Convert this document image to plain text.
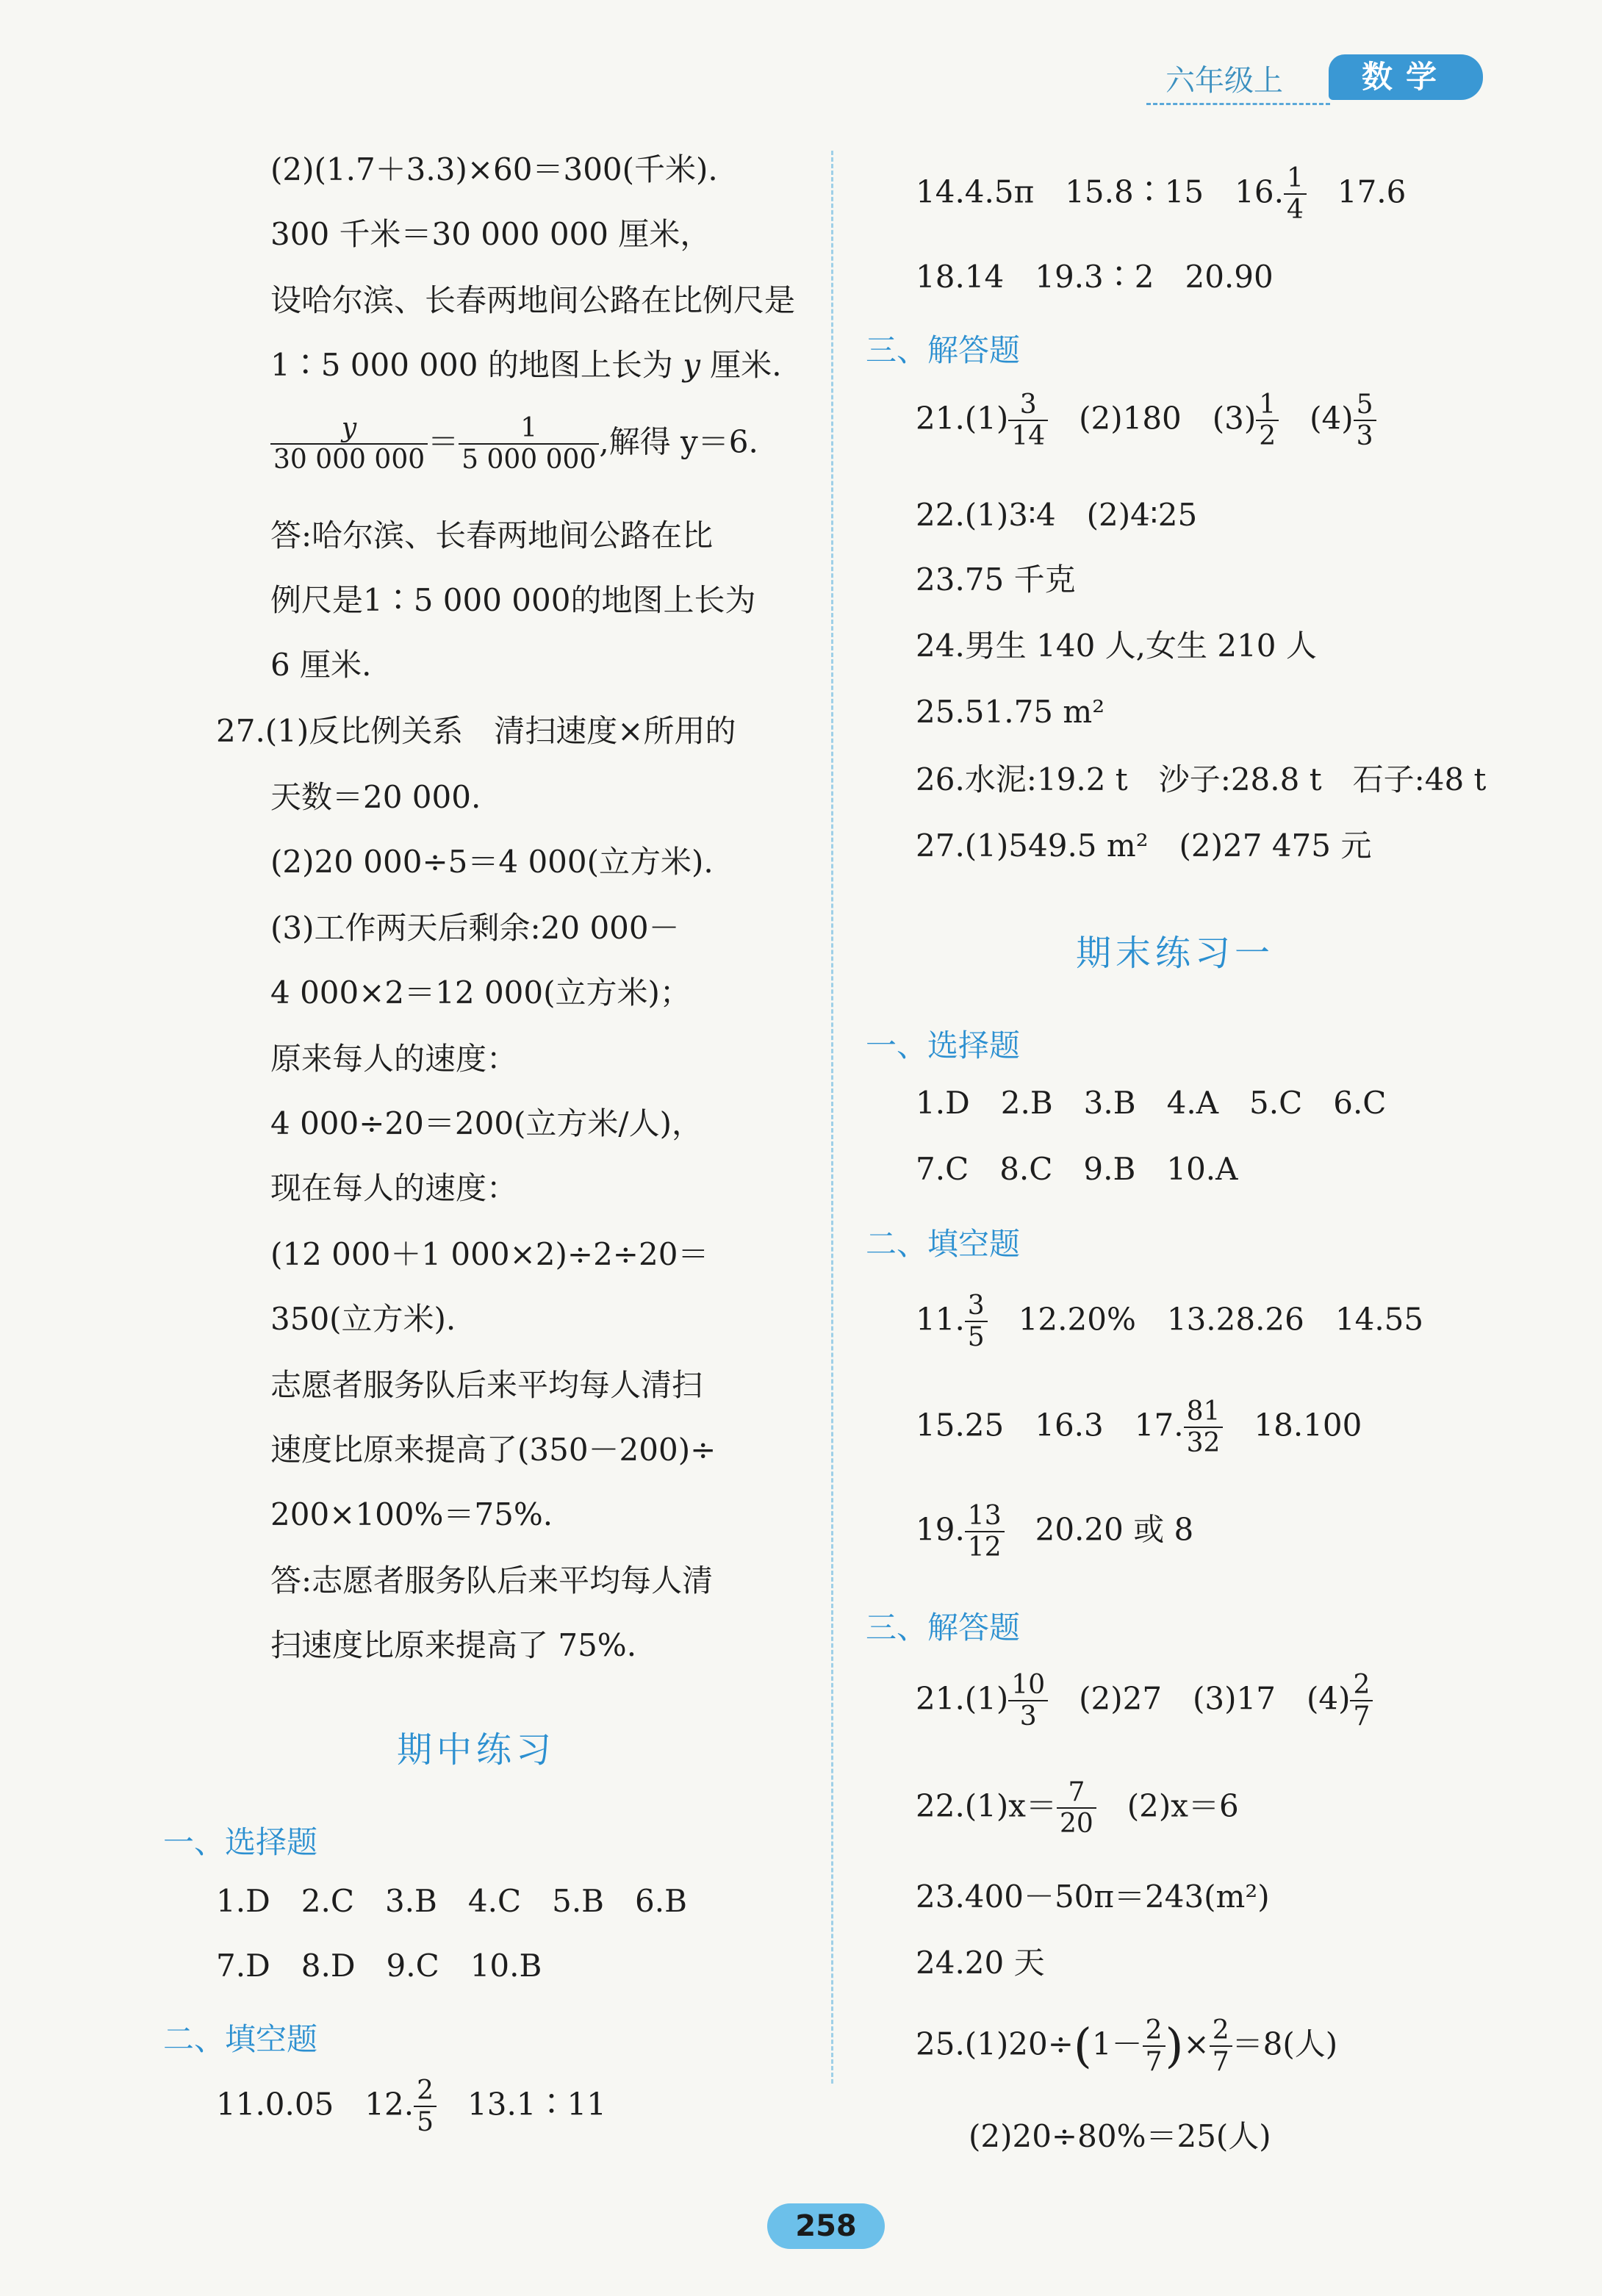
六年级上	数学
(2)(1.7＋3.3)×60＝300(千米).
300 千米＝30 000 000 厘米，
设哈尔滨、长春两地间公路在比例尺是
1∶5 000 000 的地图上长为 y 厘米.
$\frac{y}{30 000 000} = \frac{1}{5 000 000}$ ,解得 y＝6.
答:哈尔滨、长春两地间公路在比
例尺是1∶5 000 000的地图上长为
6 厘米.
27.(1)反比例关系　清扫速度×所用的
天数＝20 000.
(2)20 000÷5＝4 000(立方米).
(3)工作两天后剩余:20 000－
4 000×2＝12 000(立方米)；
原来每人的速度：
4 000÷20＝200(立方米/人)，
现在每人的速度：
(12 000＋1 000×2)÷2÷20＝
350(立方米).
志愿者服务队后来平均每人清扫
速度比原来提高了(350－200)÷
200×100%＝75%.
答:志愿者服务队后来平均每人清
扫速度比原来提高了 75%.
期中练习
一、选择题
1.D　2.C　3.B　4.C　5.B　6.B
7.D　8.D　9.C　10.B
二、填空题
11.0.05　12. $\frac{2}{5}$ 　13.1∶11
14.4.5π　15.8∶15　16. $\frac{1}{4}$ 　17.6
18.14　19.3∶2　20.90
三、解答题
$21.(1) \frac{3}{14}$ 　(2)180　$(3) \frac{1}{2}$ 　$(4) \frac{5}{3}$
22.(1)3∶4　(2)4∶25
23.75 千克
24.男生 140 人,女生 210 人
25.51.75 m²
26.水泥:19.2 t　沙子:28.8 t　石子:48 t
27.(1)549.5 m²　(2)27 475 元
期末练习一
一、选择题
1.D　2.B　3.B　4.A　5.C　6.C
7.C　8.C　9.B　10.A
二、填空题
11. $\frac{3}{5}$ 　12.20%　13.28.26　14.55
15.25　16.3　17. $\frac{81}{32}$ 　18.100
19. $\frac{13}{12}$ 　20.20 或 8
三、解答题
$21.(1) \frac{10}{3}$ 　(2)27　(3)17　$(4) \frac{2}{7}$
$22.(1)x= \frac{7}{20}$ 　(2)x＝6
23.400－50π＝243(m²)
24.20 天
$25.(1)20\div(1- \frac{2}{7}$ )× $\frac{2}{7} =8$(人)
(2)20÷80%＝25(人)
258
